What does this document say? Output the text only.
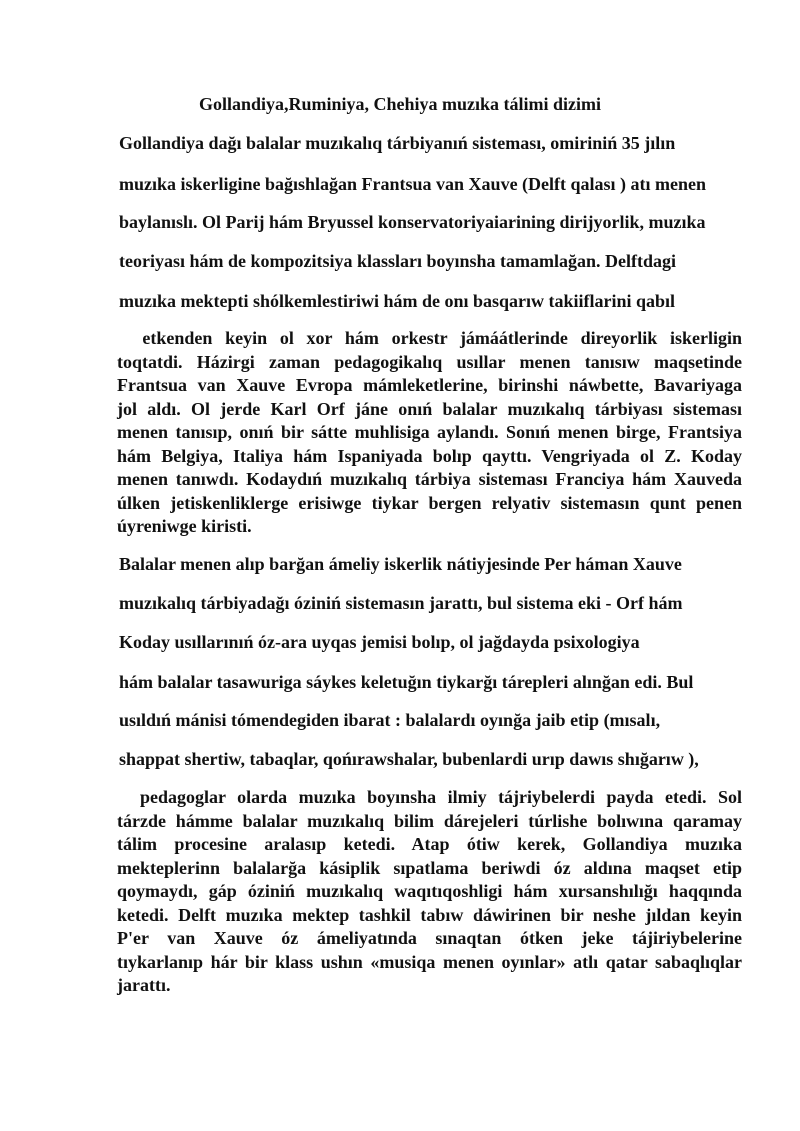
Gollandiya,Ruminiya, Chehiya muzıka tálimi dizimi
Gollandiya dağı balalar muzıkalıq tárbiyanıń sisteması, omiriniń 35 jılın
muzıka iskerligine bağıshlağan Frantsua van Xauve (Delft qalası ) atı menen
baylanıslı. Ol Parij hám Bryussel konservatoriyaiarining dirijyorlik, muzıka
teoriyası hám de kompozitsiya klassları boyınsha tamamlağan. Delftdagi
muzıka mektepti shólkemlestiriwi hám de onı basqarıw takiiflarini qabıl
etkenden keyin ol xor hám orkestr jámáátlerinde direyorlik iskerligin
toqtatdi. Házirgi zaman pedagogikalıq usıllar menen tanısıw maqsetinde
Frantsua van Xauve Evropa mámleketlerine, birinshi náwbette, Bavariyaga
jol aldı. Ol jerde Karl Orf jáne onıń balalar muzıkalıq tárbiyası sisteması
menen tanısıp, onıń bir sátte muhlisiga aylandı. Sonıń menen birge, Frantsiya
hám Belgiya, Italiya hám Ispaniyada bolıp qayttı. Vengriyada ol Z. Koday
menen tanıwdı. Kodaydıń muzıkalıq tárbiya sisteması Franciya hám Xauveda
úlken jetiskenliklerge erisiwge tiykar bergen relyativ sistemasın qunt penen
úyreniwge kiristi.
Balalar menen alıp barğan ámeliy iskerlik nátiyjesinde Per háman Xauve
muzıkalıq tárbiyadağı óziniń sistemasın jarattı, bul sistema eki - Orf hám
Koday usıllarınıń óz-ara uyqas jemisi bolıp, ol jağdayda psixologiya
hám balalar tasawuriga sáykes keletuğın tiykarğı tárepleri alınğan edi. Bul
usıldıń mánisi tómendegiden ibarat : balalardı oyınğa jaib etip (mısalı,
shappat shertiw, tabaqlar, qońırawshalar, bubenlardi urıp dawıs shığarıw ),
pedagoglar olarda muzıka boyınsha ilmiy tájriybelerdi payda etedi. Sol
tárzde hámme balalar muzıkalıq bilim dárejeleri túrlishe bolıwına qaramay
tálim procesine aralasıp ketedi. Atap ótiw kerek, Gollandiya muzıka
mekteplerinn balalarğa kásiplik sıpatlama beriwdi óz aldına maqset etip
qoymaydı, gáp óziniń muzıkalıq waqıtıqoshligi hám xursanshılığı haqqında
ketedi. Delft muzıka mektep tashkil tabıw dáwirinen bir neshe jıldan keyin
P'er van Xauve óz ámeliyatında sınaqtan ótken jeke tájiriybelerine
tıykarlanıp hár bir klass ushın «musiqa menen oyınlar» atlı qatar sabaqlıqlar
jarattı.
